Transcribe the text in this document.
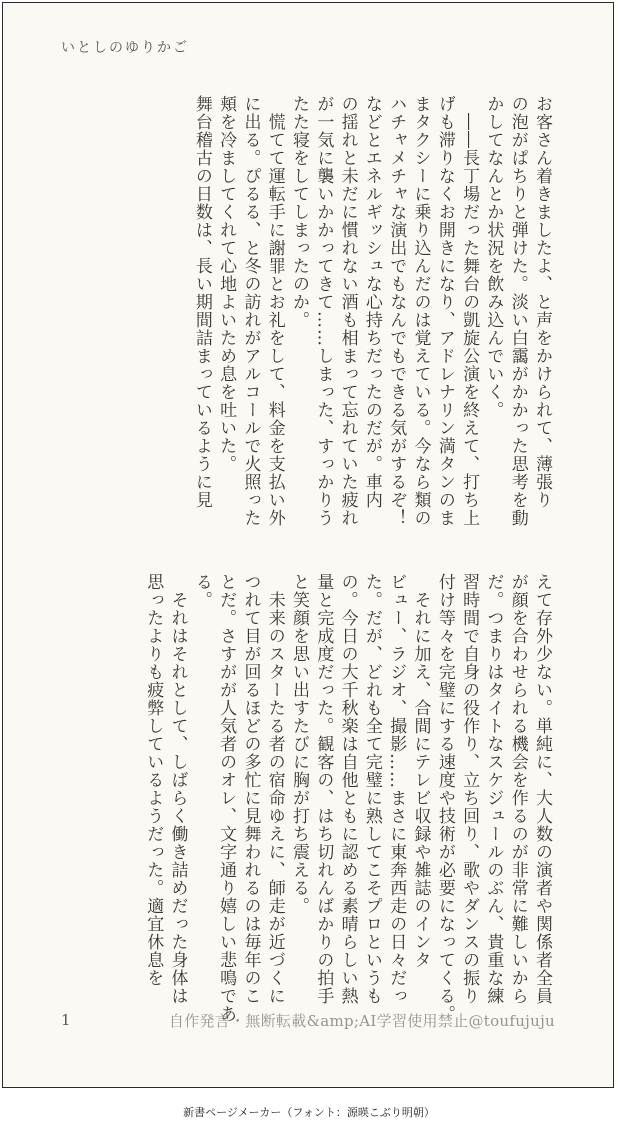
いとしのゆりかご

お客さん着きましたよ、と声をかけられて、薄張り

の泡がぱちりと弾けた。淡い白靄がかかった思考を動

かしてなんとか状況を飲み込んでいく。

　――長丁場だった舞台の凱旋公演を終えて、打ち上

げも滞りなくお開きになり、アドレナリン満タンのま

まタクシーに乗り込んだのは覚えている。今なら類の

ハチャメチャな演出でもなんでもできる気がするぞ！

などとエネルギッシュな心持ちだったのだが。車内

の揺れと未だに慣れない酒も相まって忘れていた疲れ

が一気に襲いかかってきて……しまった、すっかりう

たた寝をしてしまったのか。

　慌てて運転手に謝罪とお礼をして、料金を支払い外

に出る。ぴるる、と冬の訪れがアルコールで火照った

頬を冷ましてくれて心地よいため息を吐いた。

舞台稽古の日数は、長い期間詰まっているように見

えて存外少ない。単純に、大人数の演者や関係者全員

が顔を合わせられる機会を作るのが非常に難しいから

だ。つまりはタイトなスケジュールのぶん、貴重な練

習時間で自身の役作り、立ち回り、歌やダンスの振り

付け等々を完璧にする速度や技術が必要になってくる。

　それに加え、合間にテレビ収録や雑誌のインタ

ビュー、ラジオ、撮影……まさに東奔西走の日々だっ

た。だが、どれも全て完璧に熟してこそプロというも

の。今日の大千秋楽は自他ともに認める素晴らしい熱

量と完成度だった。観客の、はち切れんばかりの拍手

と笑顔を思い出すたびに胸が打ち震える。

　未来のスターたる者の宿命ゆえに、師走が近づくに

つれて目が回るほどの多忙に見舞われるのは毎年のこ

とだ。さすがが人気者のオレ、文字通り嬉しい悲鳴であ

る。

　それはそれとして、しばらく働き詰めだった身体は

思ったよりも疲弊しているようだった。適宜休息を

1	自作発言・無断転載&amp;AI学習使用禁止@toufujuju
新書ページメーカー（フォント：源暎こぶり明朝）
